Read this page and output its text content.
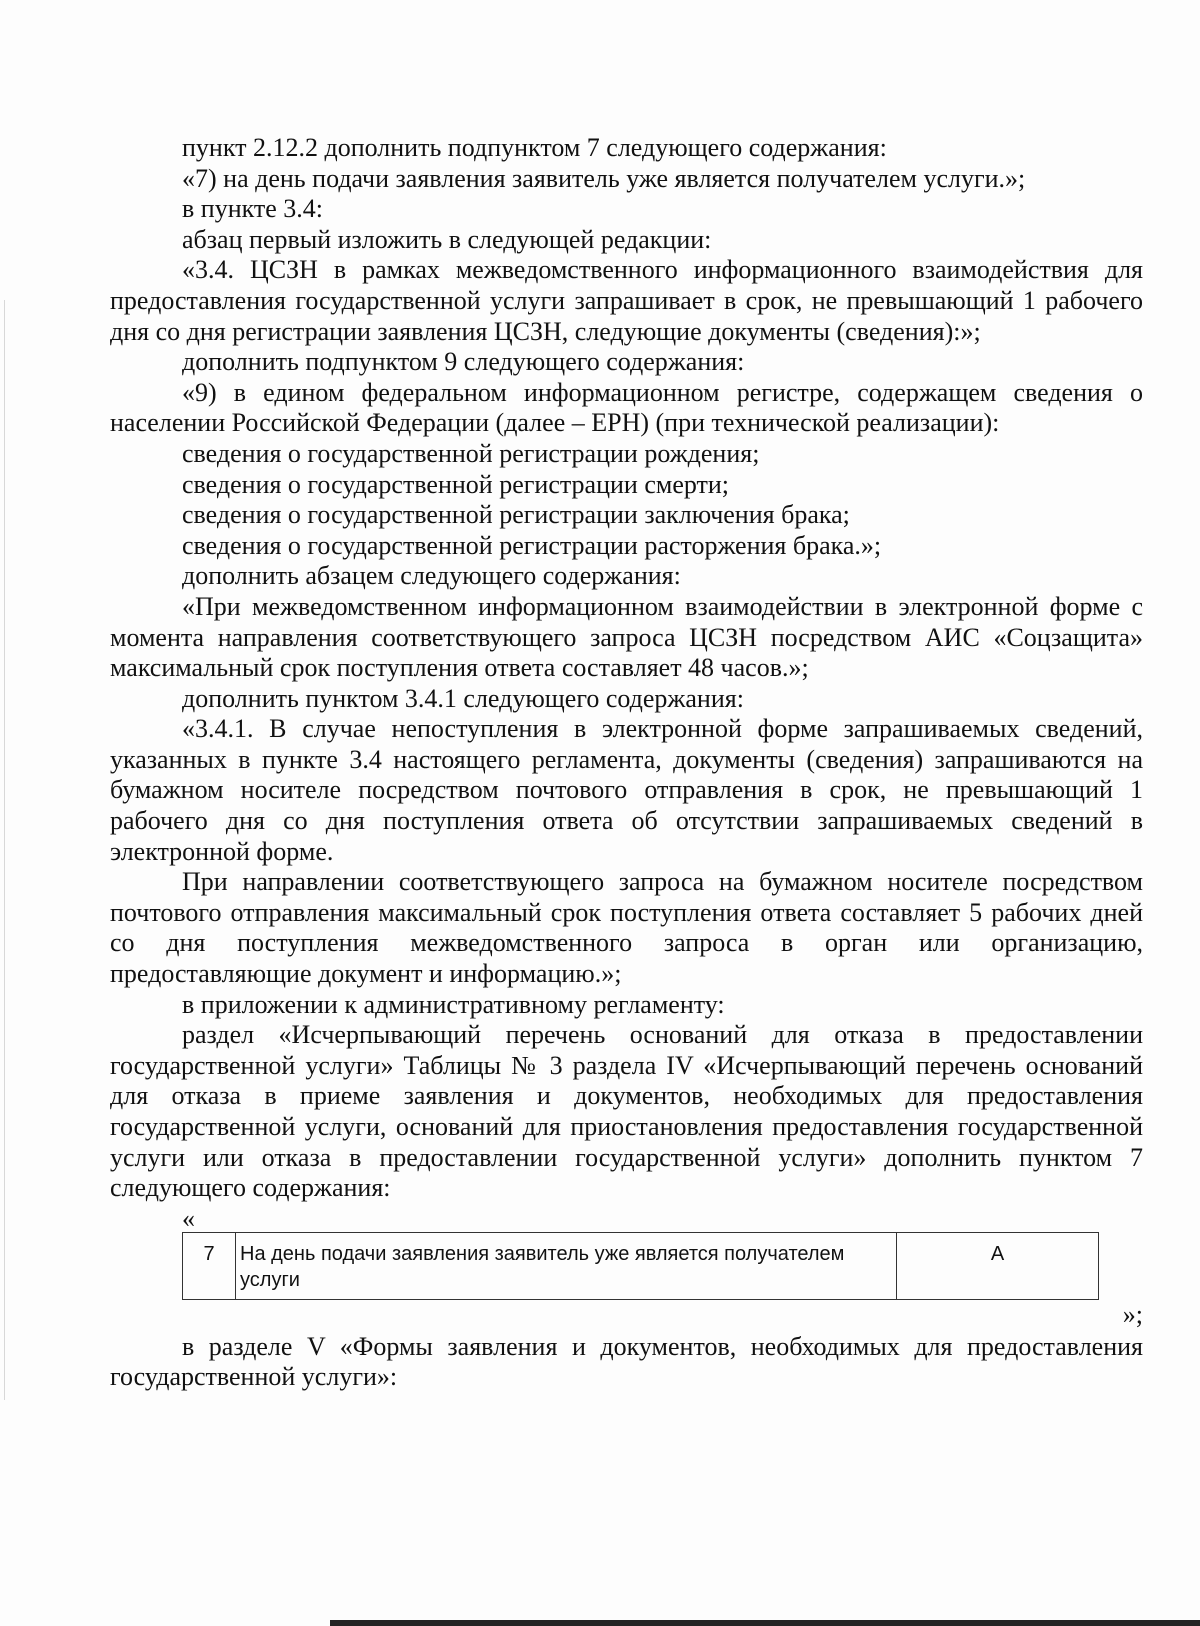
пункт 2.12.2 дополнить подпунктом 7 следующего содержания:

«7) на день подачи заявления заявитель уже является получателем услуги.»;

в пункте 3.4:

абзац первый изложить в следующей редакции:

«3.4. ЦСЗН в рамках межведомственного информационного взаимодействия для предоставления государственной услуги запрашивает в срок, не превышающий 1 рабочего дня со дня регистрации заявления ЦСЗН, следующие документы (сведения):»;

дополнить подпунктом 9 следующего содержания:

«9) в едином федеральном информационном регистре, содержащем сведения о населении Российской Федерации (далее – ЕРН) (при технической реализации):

сведения о государственной регистрации рождения;

сведения о государственной регистрации смерти;

сведения о государственной регистрации заключения брака;

сведения о государственной регистрации расторжения брака.»;

дополнить абзацем следующего содержания:

«При межведомственном информационном взаимодействии в электронной форме с момента направления соответствующего запроса ЦСЗН посредством АИС «Соцзащита» максимальный срок поступления ответа составляет 48 часов.»;

дополнить пунктом 3.4.1 следующего содержания:

«3.4.1. В случае непоступления в электронной форме запрашиваемых сведений, указанных в пункте 3.4 настоящего регламента, документы (сведения) запрашиваются на бумажном носителе посредством почтового отправления в срок, не превышающий 1 рабочего дня со дня поступления ответа об отсутствии запрашиваемых сведений в электронной форме.

При направлении соответствующего запроса на бумажном носителе посредством почтового отправления максимальный срок поступления ответа составляет 5 рабочих дней со дня поступления межведомственного запроса в орган или организацию, предоставляющие документ и информацию.»;

в приложении к административному регламенту:

раздел «Исчерпывающий перечень оснований для отказа в предоставлении государственной услуги» Таблицы № 3 раздела IV «Исчерпывающий перечень оснований для отказа в приеме заявления и документов, необходимых для предоставления государственной услуги, оснований для приостановления предоставления государственной услуги или отказа в предоставлении государственной услуги» дополнить пунктом 7 следующего содержания:

«
7	На день подачи заявления заявитель уже является получателем услуги	А
»;

в разделе V «Формы заявления и документов, необходимых для предоставления государственной услуги»:
